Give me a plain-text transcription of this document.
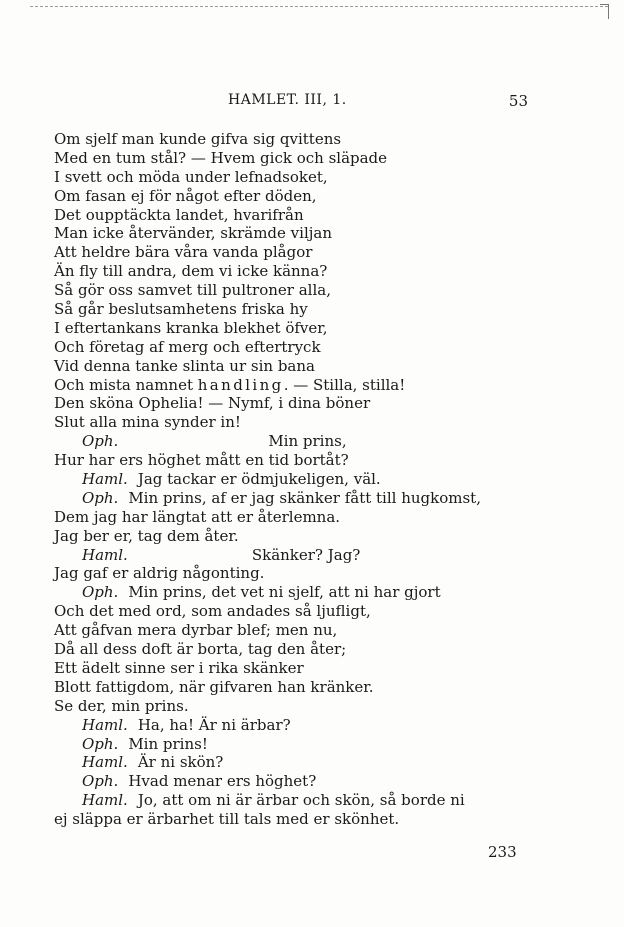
HAMLET. III, 1.	53
Om sjelf man kunde gifva sig qvittens
Med en tum stål? — Hvem gick och släpade
I svett och möda under lefnadsoket,
Om fasan ej för något efter döden,
Det oupptäckta landet, hvarifrån
Man icke återvänder, skrämde viljan
Att heldre bära våra vanda plågor
Än fly till andra, dem vi icke känna?
Så gör oss samvet till pultroner alla,
Så går beslutsamhetens friska hy
I eftertankans kranka blekhet öfver,
Och företag af merg och eftertryck
Vid denna tanke slinta ur sin bana
Och mista namnet handling. — Stilla, stilla!
Den sköna Ophelia! — Nymf, i dina böner
Slut alla mina synder in!
Oph.	Min prins,
Hur har ers höghet mått en tid bortåt?
Haml. Jag tackar er ödmjukeligen, väl.
Oph. Min prins, af er jag skänker fått till hugkomst,
Dem jag har längtat att er återlemna.
Jag ber er, tag dem åter.
Haml.	Skänker? Jag?
Jag gaf er aldrig någonting.
Oph. Min prins, det vet ni sjelf, att ni har gjort
Och det med ord, som andades så ljufligt,
Att gåfvan mera dyrbar blef; men nu,
Då all dess doft är borta, tag den åter;
Ett ädelt sinne ser i rika skänker
Blott fattigdom, när gifvaren han kränker.
Se der, min prins.
Haml. Ha, ha! Är ni ärbar?
Oph. Min prins!
Haml. Är ni skön?
Oph. Hvad menar ers höghet?
Haml. Jo, att om ni är ärbar och skön, så borde ni
ej släppa er ärbarhet till tals med er skönhet.
233
